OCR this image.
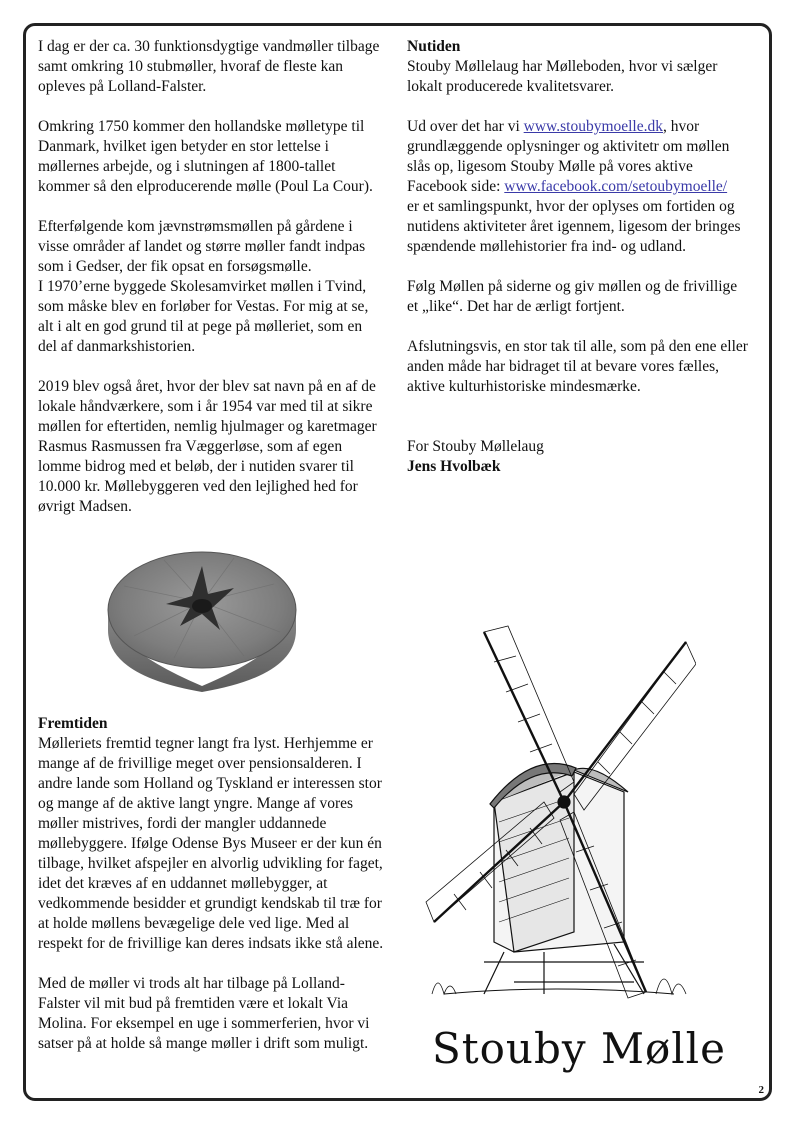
I dag er der ca. 30 funktionsdygtige vandmøller tilbage samt omkring 10 stubmøller, hvoraf de fleste kan opleves på Lolland-Falster.

Omkring 1750 kommer den hollandske mølletype til Danmark, hvilket igen betyder en stor lettelse i møllernes arbejde, og i slutningen af 1800-tallet kommer så den elproducerende mølle (Poul La Cour).

Efterfølgende kom jævnstrømsmøllen på gårdene i visse områder af landet og større møller fandt indpas som i Gedser, der fik opsat en forsøgsmølle.
I 1970’erne byggede Skolesamvirket møllen i Tvind, som måske blev en forløber for Vestas. For mig at se, alt i alt en god grund til at pege på mølleriet, som en del af danmarkshistorien.

2019 blev også året, hvor der blev sat navn på en af de lokale håndværkere, som i år 1954 var med til at sikre møllen for eftertiden, nemlig hjulmager og karetmager Rasmus Rasmussen fra Væggerløse, som af egen lomme bidrog med et beløb, der i nutiden svarer til 10.000 kr. Møllebyggeren ved den lejlighed hed for øvrigt Madsen.

Nutiden

Stouby Møllelaug har Mølleboden, hvor vi sælger lokalt producerede kvalitetsvarer.

Ud over det har vi www.stoubymoelle.dk, hvor grundlæggende oplysninger og aktivitetr om møllen slås op, ligesom Stouby Mølle på vores aktive Facebook side: www.facebook.com/setoubymoelle/
er et samlingspunkt, hvor der oplyses om fortiden og nutidens aktiviteter året igennem, ligesom der bringes spændende møllehistorier fra ind- og udland.

Følg Møllen på siderne og giv møllen og de frivillige et „like“. Det har de ærligt fortjent.

Afslutningsvis, en stor tak til alle, som på den ene eller anden måde har bidraget til at bevare vores fælles, aktive kulturhistoriske mindesmærke.

For Stouby Møllelaug
Jens Hvolbæk
Fremtiden

Mølleriets fremtid tegner langt fra lyst. Herhjemme er mange af de frivillige meget over pensionsalderen. I andre lande som Holland og Tyskland er interessen stor og mange af de aktive langt yngre. Mange af vores møller mistrives, fordi der mangler uddannede møllebyggere. Ifølge Odense Bys Museer er der kun én tilbage, hvilket afspejler en alvorlig udvikling for faget, idet det kræves af en uddannet møllebygger, at vedkommende besidder et grundigt kendskab til træ for at holde møllens bevægelige dele ved lige. Med al respekt for de frivillige kan deres indsats ikke stå alene.

Med de møller vi trods alt har tilbage på Lolland-Falster vil mit bud på fremtiden være et lokalt Via Molina. For eksempel en uge i sommerferien, hvor vi satser på at holde så mange møller i drift som muligt.	Stouby Mølle
2
